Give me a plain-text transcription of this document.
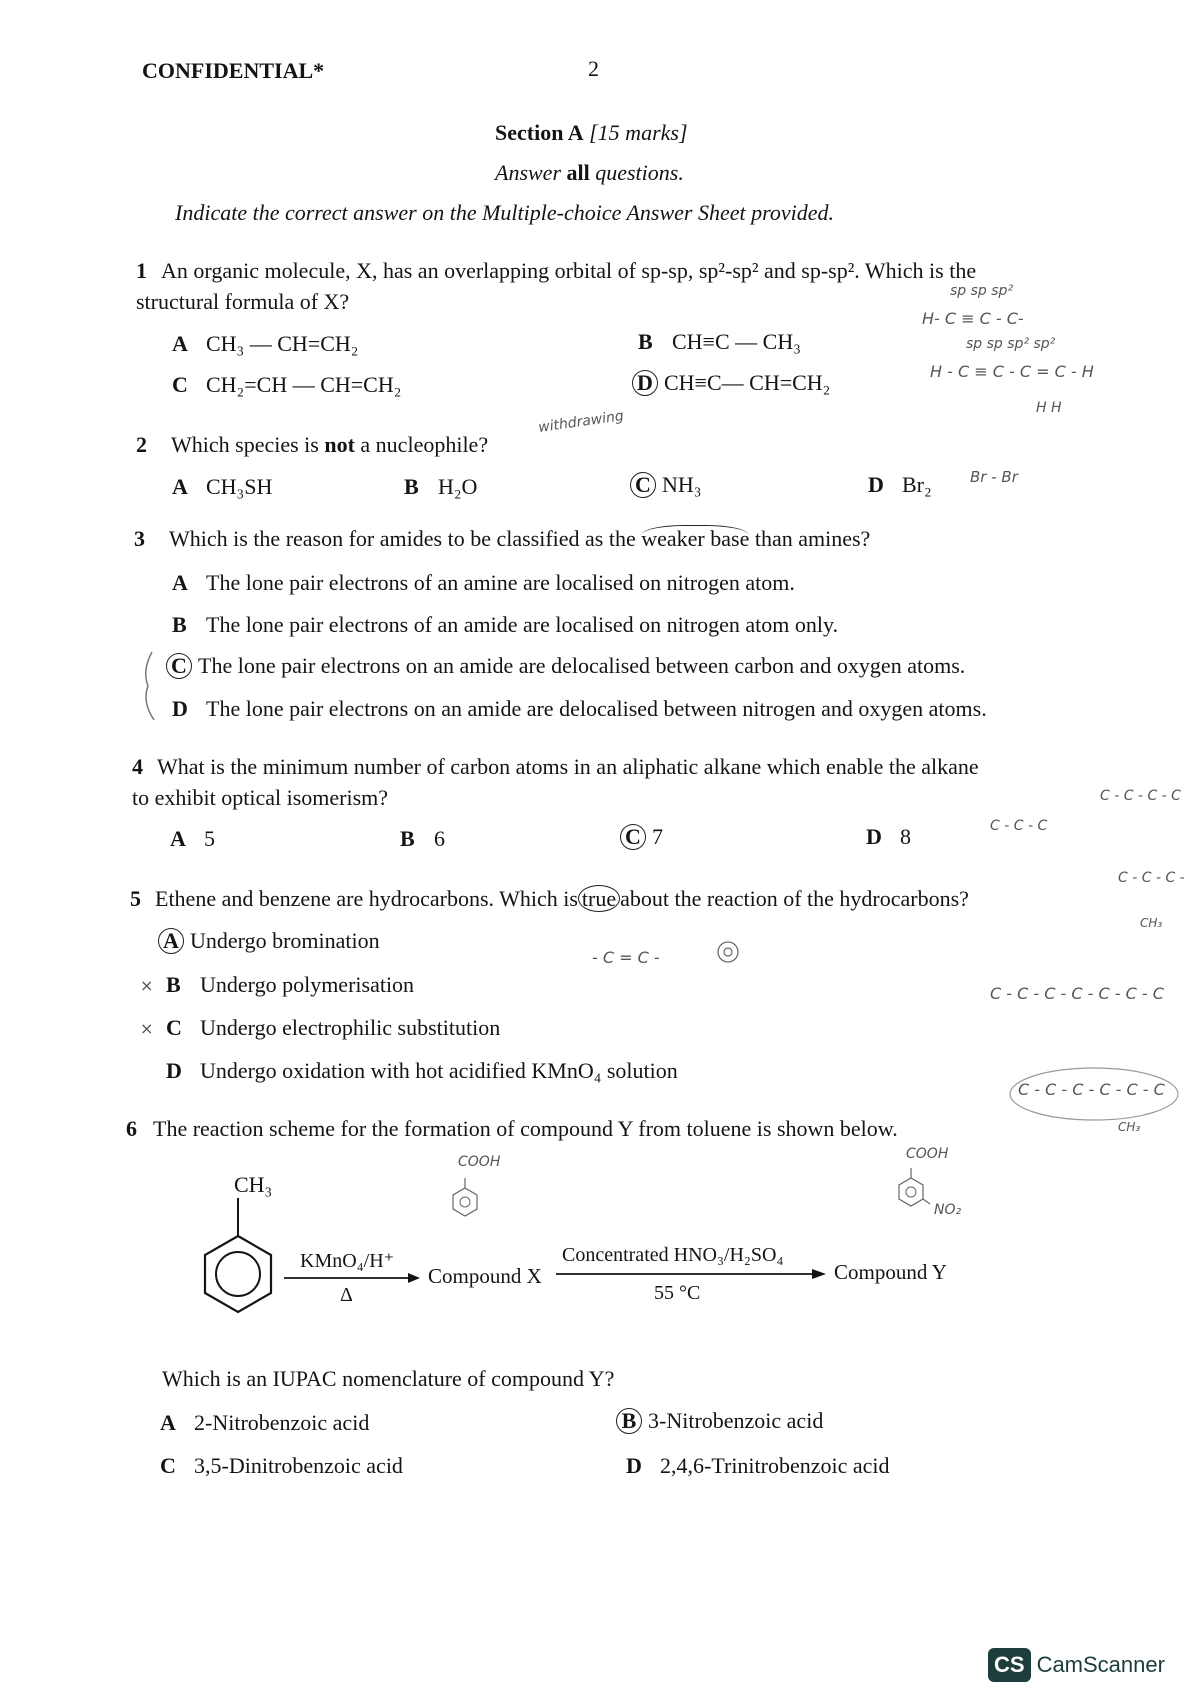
CONFIDENTIAL*	2
Section A [15 marks]
Answer all questions.
Indicate the correct answer on the Multiple-choice Answer Sheet provided.
1 An organic molecule, X, has an overlapping orbital of sp-sp, sp²-sp² and sp-sp². Which is the
structural formula of X?
A CH₃ — CH=CH₂	B CH≡C — CH₃
C CH₂=CH — CH=CH₂	D CH≡C— CH=CH₂
sp sp sp²
H- C ≡ C - C-
sp sp sp² sp²
H - C ≡ C - C = C - H
H H
2 Which species is not a nucleophile?
withdrawing
A CH₃SH	B H₂O	C NH₃	D Br₂	Br - Br
3 Which is the reason for amides to be classified as the weaker base than amines?
A The lone pair electrons of an amine are localised on nitrogen atom.
B The lone pair electrons of an amide are localised on nitrogen atom only.
C The lone pair electrons on an amide are delocalised between carbon and oxygen atoms.
D The lone pair electrons on an amide are delocalised between nitrogen and oxygen atoms.
4 What is the minimum number of carbon atoms in an aliphatic alkane which enable the alkane
to exhibit optical isomerism?
A 5	B 6	C 7	D 8
C - C - C - C
C - C - C
C - C - C -
CH₃
5 Ethene and benzene are hydrocarbons. Which is true about the reaction of the hydrocarbons?
A Undergo bromination
B Undergo polymerisation
C Undergo electrophilic substitution
D Undergo oxidation with hot acidified KMnO₄ solution
×
×
- C = C -
C - C - C - C - C - C - C
C - C - C - C - C - C
CH₃
6 The reaction scheme for the formation of compound Y from toluene is shown below.
COOH	COOH
NO₂
CH₃
KMnO₄/H⁺
Δ
Compound X
Concentrated HNO₃/H₂SO₄
55 °C
Compound Y
Which is an IUPAC nomenclature of compound Y?
A 2-Nitrobenzoic acid	B 3-Nitrobenzoic acid
C 3,5-Dinitrobenzoic acid	D 2,4,6-Trinitrobenzoic acid
CS CamScanner
